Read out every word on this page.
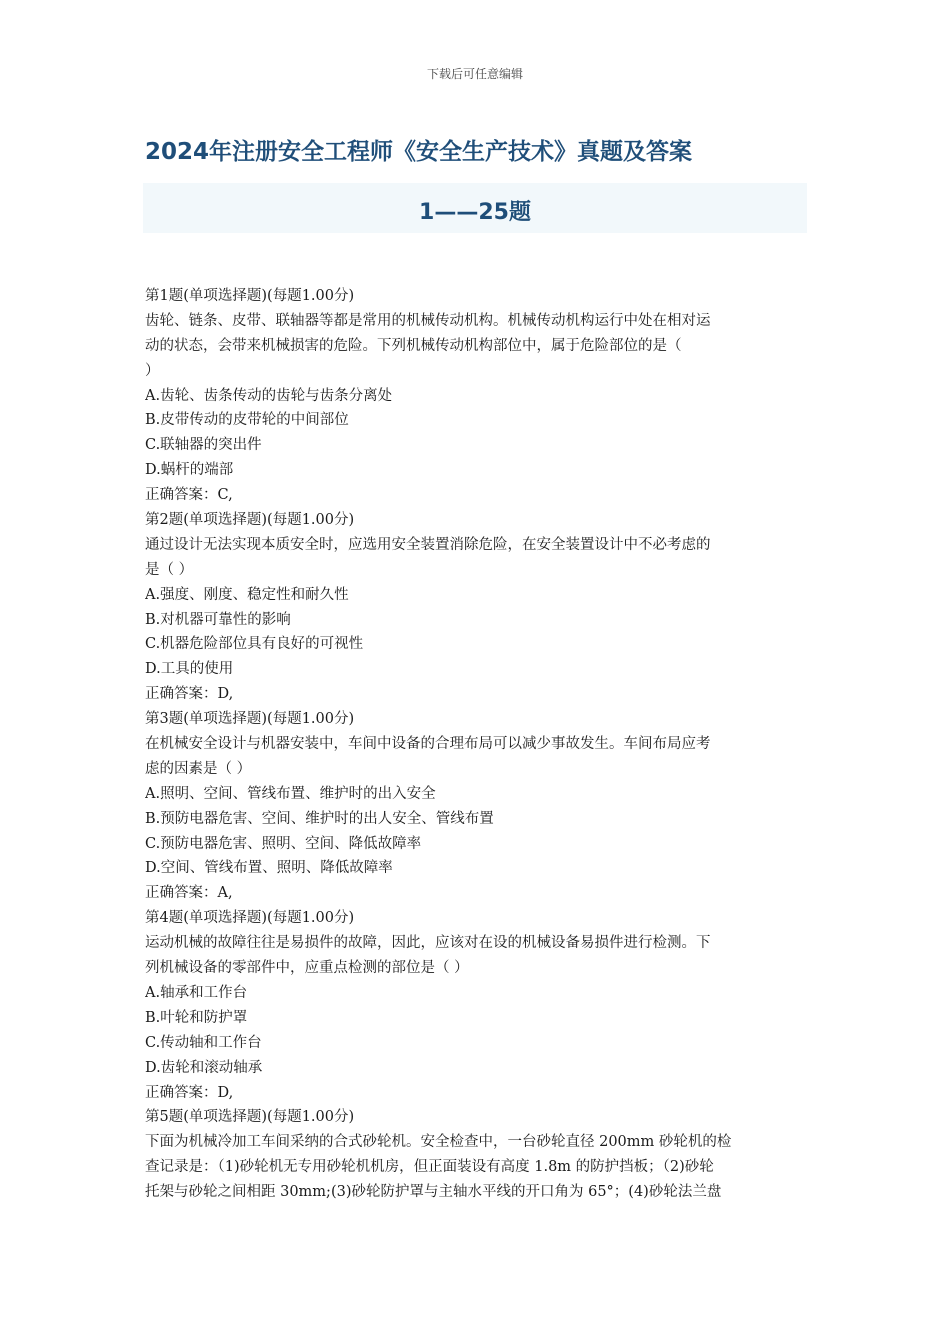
下载后可任意编辑
2024年注册安全工程师《安全生产技术》真题及答案
1——25题
第1题(单项选择题)(每题1.00分)
齿轮、链条、皮带、联轴器等都是常用的机械传动机构。机械传动机构运行中处在相对运
动的状态，会带来机械损害的危险。下列机械传动机构部位中，属于危险部位的是（
）
A.齿轮、齿条传动的齿轮与齿条分离处
B.皮带传动的皮带轮的中间部位
C.联轴器的突出件
D.蜗杆的端部
正确答案：C,
第2题(单项选择题)(每题1.00分)
通过设计无法实现本质安全时，应选用安全装置消除危险，在安全装置设计中不必考虑的
是（ ）
A.强度、刚度、稳定性和耐久性
B.对机器可靠性的影响
C.机器危险部位具有良好的可视性
D.工具的使用
正确答案：D,
第3题(单项选择题)(每题1.00分)
在机械安全设计与机器安装中，车间中设备的合理布局可以减少事故发生。车间布局应考
虑的因素是（ ）
A.照明、空间、管线布置、维护时的出入安全
B.预防电器危害、空间、维护时的出人安全、管线布置
C.预防电器危害、照明、空间、降低故障率
D.空间、管线布置、照明、降低故障率
正确答案：A,
第4题(单项选择题)(每题1.00分)
运动机械的故障往往是易损件的故障，因此，应该对在设的机械设备易损件进行检测。下
列机械设备的零部件中，应重点检测的部位是（ ）
A.轴承和工作台
B.叶轮和防护罩
C.传动轴和工作台
D.齿轮和滚动轴承
正确答案：D,
第5题(单项选择题)(每题1.00分)
下面为机械冷加工车间采纳的合式砂轮机。安全检查中，一台砂轮直径 200mm 砂轮机的检
查记录是：（1)砂轮机无专用砂轮机机房，但正面装设有高度 1.8m 的防护挡板；（2)砂轮
托架与砂轮之间相距 30mm;(3)砂轮防护罩与主轴水平线的开口角为 65°；(4)砂轮法兰盘
